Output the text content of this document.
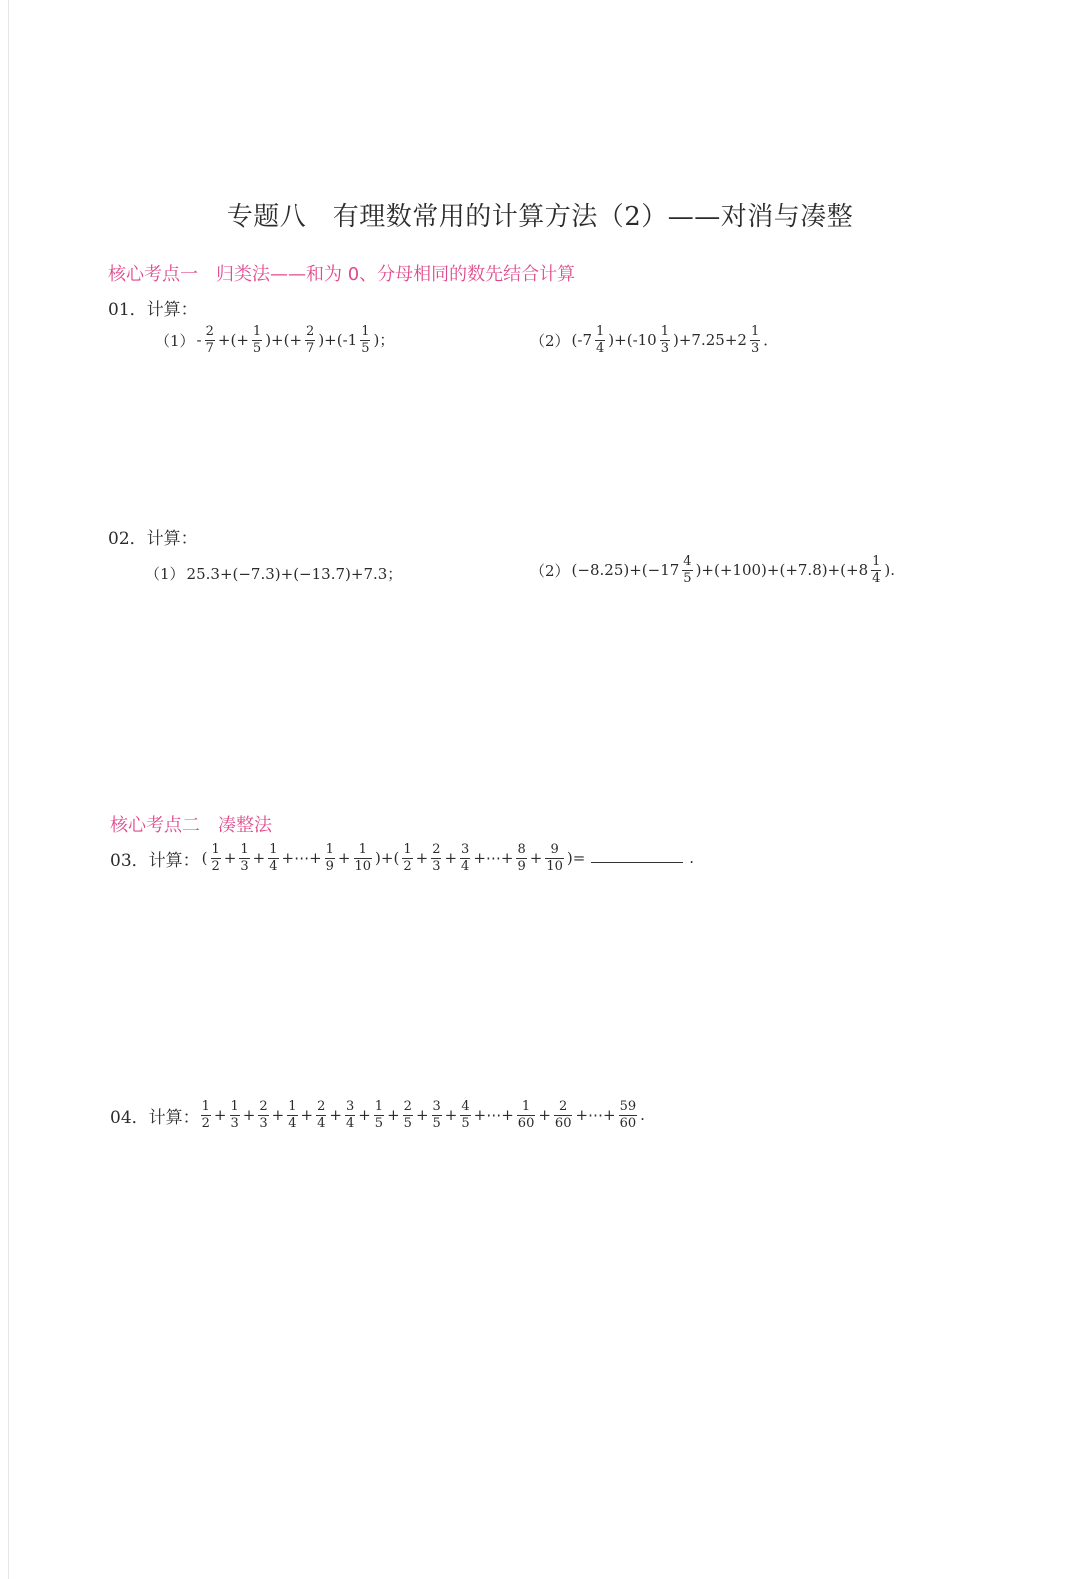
专题八　有理数常用的计算方法（2）——对消与凑整
核心考点一　归类法——和为 0、分母相同的数先结合计算
01．计算：
$(1) - \frac{2}{7}$ +(+ $\frac{1}{5}$ )+(+ $\frac{2}{7} )+(-1 \frac{1}{5}$ )；	（2） $(-7 \frac{1}{4} )+(-10 \frac{1}{3} )+7.25+2 \frac{1}{3}$ ．
02．计算：
（1） 25.3+(−7.3)+(−13.7)+7.3；	（2） $(-8.25)+(-17 \frac{4}{5} )+(+100)+(+7.8)+(+8 \frac{1}{4}$ ).
核心考点二　凑整法
03．计算： ( $\frac{1}{2} + \frac{1}{3} + \frac{1}{4}$ +⋯+ $\frac{1}{9} + \frac{1}{10}$ )+( $\frac{1}{2} + \frac{2}{3} + \frac{3}{4}$ +⋯+ $\frac{8}{9} + \frac{9}{10}$ )=	.
04．计算： $\frac{1}{2} + \frac{1}{3} + \frac{2}{3} + \frac{1}{4} + \frac{2}{4} + \frac{3}{4} + \frac{1}{5} + \frac{2}{5} + \frac{3}{5} + \frac{4}{5}$ +⋯+ $\frac{1}{60} + \frac{2}{60}$ +⋯+ $\frac{59}{60}$ .
